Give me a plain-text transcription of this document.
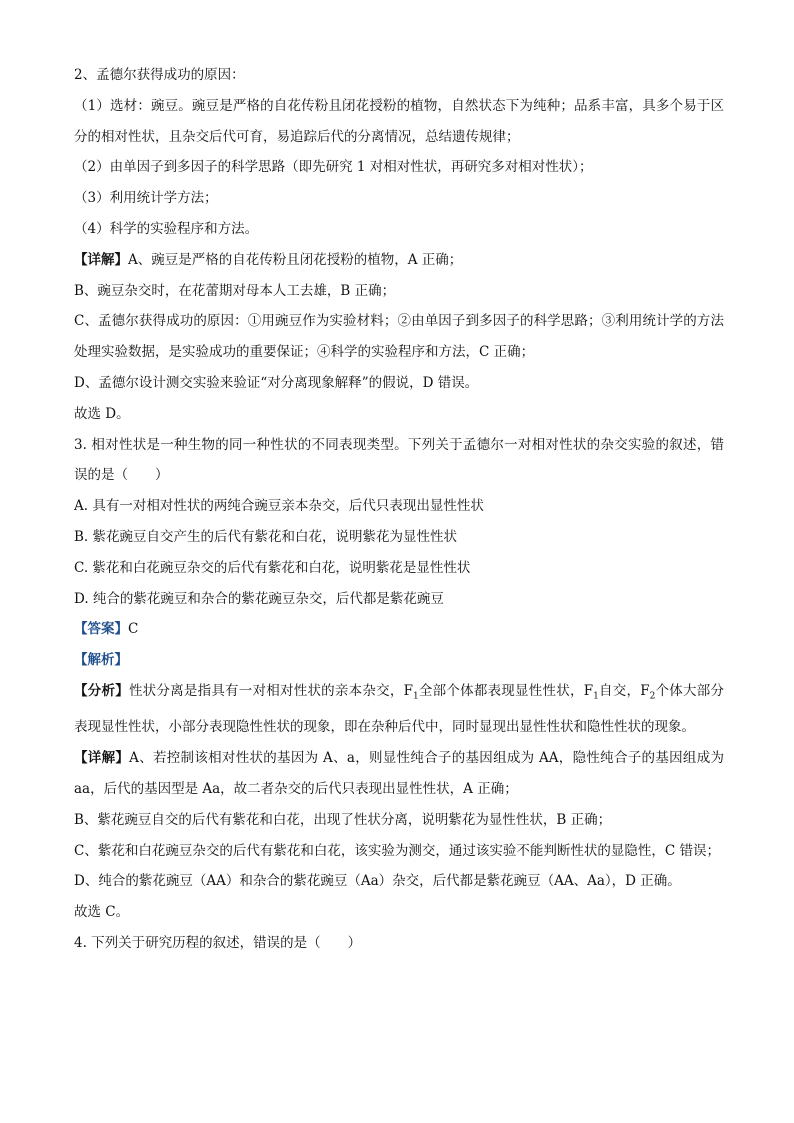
2、孟德尔获得成功的原因：
（1）选材：豌豆。豌豆是严格的自花传粉且闭花授粉的植物，自然状态下为纯种；品系丰富，具多个易于区分的相对性状，且杂交后代可育，易追踪后代的分离情况，总结遗传规律；
（2）由单因子到多因子的科学思路（即先研究 1 对相对性状，再研究多对相对性状）；
（3）利用统计学方法；
（4）科学的实验程序和方法。
【详解】A、豌豆是严格的自花传粉且闭花授粉的植物，A 正确；
B、豌豆杂交时，在花蕾期对母本人工去雄，B 正确；
C、孟德尔获得成功的原因：①用豌豆作为实验材料；②由单因子到多因子的科学思路；③利用统计学的方法处理实验数据，是实验成功的重要保证；④科学的实验程序和方法，C 正确；
D、孟德尔设计测交实验来验证“对分离现象解释”的假说，D 错误。
故选 D。
3. 相对性状是一种生物的同一种性状的不同表现类型。下列关于孟德尔一对相对性状的杂交实验的叙述，错误的是（　　）
A. 具有一对相对性状的两纯合豌豆亲本杂交，后代只表现出显性性状
B. 紫花豌豆自交产生的后代有紫花和白花，说明紫花为显性性状
C. 紫花和白花豌豆杂交的后代有紫花和白花，说明紫花是显性性状
D. 纯合的紫花豌豆和杂合的紫花豌豆杂交，后代都是紫花豌豆
【答案】C
【解析】
【分析】性状分离是指具有一对相对性状的亲本杂交，$F_1$全部个体都表现显性性状，$F_1$自交，$F_2$个体大部分表现显性性状，小部分表现隐性性状的现象，即在杂种后代中，同时显现出显性性状和隐性性状的现象。
【详解】A、若控制该相对性状的基因为 A、a，则显性纯合子的基因组成为 AA，隐性纯合子的基因组成为 aa，后代的基因型是 Aa，故二者杂交的后代只表现出显性性状，A 正确；
B、紫花豌豆自交的后代有紫花和白花，出现了性状分离，说明紫花为显性性状，B 正确；
C、紫花和白花豌豆杂交的后代有紫花和白花，该实验为测交，通过该实验不能判断性状的显隐性，C 错误；
D、纯合的紫花豌豆（AA）和杂合的紫花豌豆（Aa）杂交，后代都是紫花豌豆（AA、Aa），D 正确。
故选 C。
4. 下列关于研究历程的叙述，错误的是（　　）
